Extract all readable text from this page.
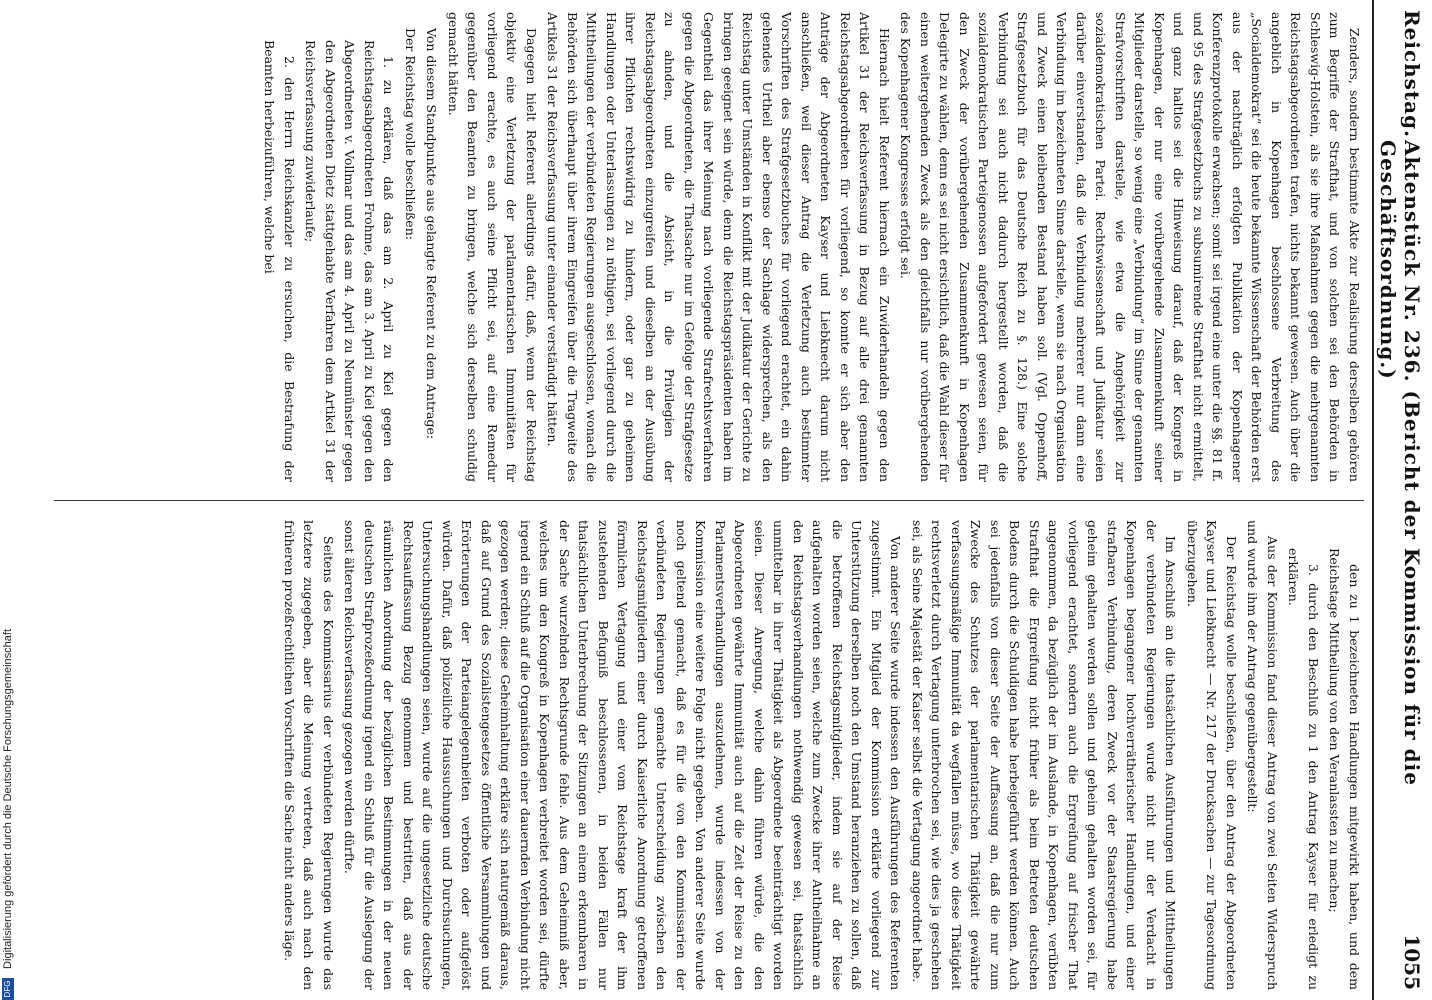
DFG Digitalisierung gefördert durch die Deutsche Forschungsgemeinschaft
Reichstag.
Aktenstück Nr. 236. (Bericht der Kommission für die Geschäftsordnung.)
1055

Zenders, sondern bestimmte Akte zur Realisirung derselben gehören zum Begriffe der Strafthat, und von solchen sei den Behörden in Schleswig-Holstein, als sie ihre Maßnahmen gegen die mehrgenannten Reichstagsabgeordneten trafen, nichts bekannt gewesen. Auch über die angeblich in Kopenhagen beschlossene Verbreitung des „Socialdemokrat“ sei die heute bekannte Wissenschaft der Behörden erst aus der nachträglich erfolgten Publikation der Kopenhagener Konferenzprotokolle erwachsen; somit sei irgend eine unter die §§. 81 ff. und 95 des Strafgesetzbuchs zu subsumirende Strafthat nicht ermittelt, und ganz haltlos sei die Hinweisung darauf, daß der Kongreß in Kopenhagen, der nur eine vorübergehende Zusammenkunft seiner Mitglieder darstelle, so wenig eine „Verbindung“ im Sinne der genannten Strafvorschriften darstelle, wie etwa die Angehörigkeit zur sozialdemokratischen Partei. Rechtswissenschaft und Judikatur seien darüber einverstanden, daß die Verbindung mehrerer nur dann eine Verbindung im bezeichneten Sinne darstelle, wenn sie nach Organisation und Zweck einen bleibenden Bestand haben soll. (Vgl. Oppenhoff, Strafgesetzbuch für das Deutsche Reich zu §. 128.) Eine solche Verbindung sei auch nicht dadurch hergestellt worden, daß die sozialdemokratischen Parteigenossen aufgefordert gewesen seien, für den Zweck der vorübergehenden Zusammenkunft in Kopenhagen Delegirte zu wählen, denn es sei nicht ersichtlich, daß die Wahl dieser für einen weitergehenden Zweck als den gleichfalls nur vorübergehenden des Kopenhagener Kongresses erfolgt sei.

Hiernach hielt Referent hiernach ein Zuwiderhandeln gegen den Artikel 31 der Reichsverfassung in Bezug auf alle drei genannten Reichstagsabgeordneten für vorliegend, so konnte er sich aber den Anträge der Abgeordneten Kayser und Liebknecht darum nicht anschließen, weil dieser Antrag die Verletzung auch bestimmter Vorschriften des Strafgesetzbuches für vorliegend erachtet, ein dahin gehendes Urtheil aber ebenso der Sachlage widersprechen, als den Reichstag unter Umständen in Konflikt mit der Judikatur der Gerichte zu bringen geeignet sein würde, denn die Reichstagspräsidenten haben im Gegentheil das ihrer Meinung nach vorliegende Strafrechtsverfahren gegen die Abgeordneten, die Thatsache nur im Gefolge der Strafgesetze zu ahnden, und die Absicht, in die Privilegien der Reichstagsabgeordneten einzugreifen und dieselben an der Ausübung ihrer Pflichten rechtswidrig zu hindern, oder gar zu geheimen Handlungen oder Unterlassungen zu nöthigen, sei vorliegend durch die Mittheilungen der verbündeten Regierungen ausgeschlossen, wonach die Behörden sich überhaupt über ihrem Eingreifen über die Tragweite des Artikels 31 der Reichsverfassung unter einander verständigt hätten.

Dagegen hielt Referent allerdings dafür, daß, wenn der Reichstag objektiv eine Verletzung der parlamentarischen Immunitäten für vorliegend erachte, es auch seine Pflicht sei, auf eine Remedur gegenüber den Beamten zu bringen, welche sich derselben schuldig gemacht hätten.

Von diesem Standpunkte aus gelangte Referent zu dem Antrage:

Der Reichstag wolle beschließen:

1. zu erklären, daß das am 2. April zu Kiel gegen den Reichstagsabgeordneten Frohme, das am 3. April zu Kiel gegen den Abgeordneten v. Vollmar und das am 4. April zu Neumünster gegen den Abgeordneten Dietz stattgehabte Verfahren dem Artikel 31 der Reichsverfassung zuwiderlaufe;

2. den Herrn Reichskanzler zu ersuchen, die Bestrafung der Beamten herbeizuführen, welche bei

den zu 1 bezeichneten Handlungen mitgewirkt haben, und dem Reichstage Mittheilung von den Veranlassten zu machen;

3. durch den Beschluß zu 1 den Antrag Kayser für erledigt zu erklären.

Aus der Kommission fand dieser Antrag von zwei Seiten Widerspruch und wurde ihm der Antrag gegenübergestellt:

Der Reichstag wolle beschließen, über den Antrag der Abgeordneten Kayser und Liebknecht — Nr. 217 der Drucksachen — zur Tagesordnung überzugehen.

Im Anschluß an die thatsächlichen Ausführungen und Mittheilungen der verbündeten Regierungen wurde nicht nur der Verdacht in Kopenhagen begangener hochverrätherischer Handlungen, und einer strafbaren Verbindung, deren Zweck vor der Staatsregierung habe geheim gehalten werden sollen und geheim gehalten worden sei, für vorliegend erachtet, sondern auch die Ergreifung auf frischer That angenommen, da bezüglich der im Auslande, in Kopenhagen, verübten Strafthat die Ergreifung nicht früher als beim Betreten deutschen Bodens durch die Schuldigen habe herbeigeführt werden können. Auch sei jedenfalls von dieser Seite der Auffassung an, daß die nur zum Zwecke des Schutzes der parlamentarischen Thätigkeit gewährte verfassungsmäßige Immunität da wegfallen müsse, wo diese Thätigkeit rechtsverletzt durch Vertagung unterbrochen sei, wie dies ja geschehen sei, als Seine Majestät der Kaiser selbst die Vertagung angeordnet habe.

Von anderer Seite wurde indessen den Ausführungen des Referenten zugestimmt. Ein Mitglied der Kommission erklärte vorliegend zur Unterstützung derselben noch den Umstand heranziehen zu sollen, daß die betroffenen Reichstagsmitglieder, indem sie auf der Reise aufgehalten worden seien, welche zum Zwecke ihrer Antheilnahme an den Reichstagsverhandlungen nothwendig gewesen sei, thatsächlich unmittelbar in ihrer Thätigkeit als Abgeordnete beeinträchtigt worden seien. Dieser Anregung, welche dahin führen würde, die den Abgeordneten gewährte Immunität auch auf die Zeit der Reise zu den Parlamentsverhandlungen auszudehnen, wurde indessen von der Kommission eine weitere Folge nicht gegeben. Von anderer Seite wurde noch geltend gemacht, daß es für die von den Kommissarien der verbündeten Regierungen gemachte Unterscheidung zwischen den Reichstagsmitgliedern einer durch Kaiserliche Anordnung getroffenen förmlichen Vertagung und einer vom Reichstage kraft der ihm zustehenden Befugniß beschlossenen, in beiden Fällen nur thatsächlichen Unterbrechung der Sitzungen an einem erkennbaren in der Sache wurzelnden Rechtsgrunde fehle. Aus dem Geheimniß aber, welches um den Kongreß in Kopenhagen verbreitet worden sei, dürfte irgend ein Schluß auf die Organisation einer dauernden Verbindung nicht gezogen werden; diese Geheimhaltung erkläre sich naturgemäß daraus, daß auf Grund des Sozialistengesetzes öffentliche Versammlungen und Erörterungen der Parteiangelegenheiten verboten oder aufgelöst würden. Dafür, daß polizeiliche Haussuchungen und Durchsuchungen, Untersuchungshandlungen seien, wurde auf die ungesetzliche deutsche Rechtsauffassung Bezug genommen und bestritten, daß aus der räumlichen Anordnung der bezüglichen Bestimmungen in der neuen deutschen Strafprozeßordnung irgend ein Schluß für die Auslegung der sonst älteren Reichsverfassung gezogen werden dürfte.

Seitens des Kommissarius der verbündeten Regierungen wurde das letztere zugegeben, aber die Meinung vertreten, daß auch nach den früheren prozeßrechtlichen Vorschriften die Sache nicht anders läge.
